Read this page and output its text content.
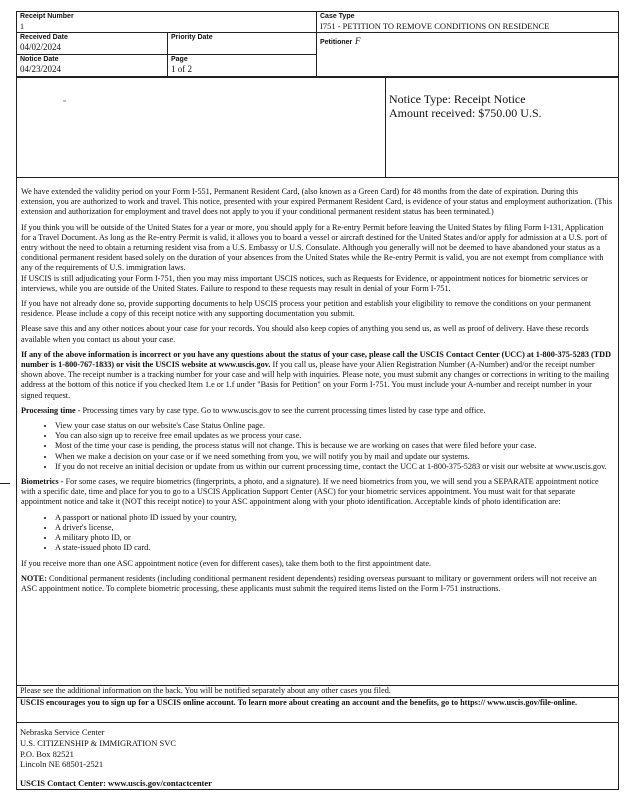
Receipt Number
1
Case Type
I751 - PETITION TO REMOVE CONDITIONS ON RESIDENCE
Received Date
04/02/2024
Priority Date
Petitioner F
Notice Date
04/23/2024
Page
1 of 2
Notice Type: Receipt Notice
Amount received: $750.00 U.S.

We have extended the validity period on your Form I-551, Permanent Resident Card, (also known as a Green Card) for 48 months from the date of expiration. During this extension, you are authorized to work and travel. This notice, presented with your expired Permanent Resident Card, is evidence of your status and employment authorization. (This extension and authorization for employment and travel does not apply to you if your conditional permanent resident status has been terminated.)

If you think you will be outside of the United States for a year or more, you should apply for a Re-entry Permit before leaving the United States by filing Form I-131, Application for a Travel Document. As long as the Re-entry Permit is valid, it allows you to board a vessel or aircraft destined for the United States and/or apply for admission at a U.S. port of entry without the need to obtain a returning resident visa from a U.S. Embassy or U.S. Consulate. Although you generally will not be deemed to have abandoned your status as a conditional permanent resident based solely on the duration of your absences from the United States while the Re-entry Permit is valid, you are not exempt from compliance with any of the requirements of U.S. immigration laws.

If USCIS is still adjudicating your Form I-751, then you may miss important USCIS notices, such as Requests for Evidence, or appointment notices for biometric services or interviews, while you are outside of the United States. Failure to respond to these requests may result in denial of your Form I-751.

If you have not already done so, provide supporting documents to help USCIS process your petition and establish your eligibility to remove the conditions on your permanent residence. Please include a copy of this receipt notice with any supporting documentation you submit.

Please save this and any other notices about your case for your records. You should also keep copies of anything you send us, as well as proof of delivery. Have these records available when you contact us about your case.

If any of the above information is incorrect or you have any questions about the status of your case, please call the USCIS Contact Center (UCC) at 1-800-375-5283 (TDD number is 1-800-767-1833) or visit the USCIS website at www.uscis.gov. If you call us, please have your Alien Registration Number (A-Number) and/or the receipt number shown above. The receipt number is a tracking number for your case and will help with inquiries. Please note, you must submit any changes or corrections in writing to the mailing address at the bottom of this notice if you checked Item 1.e or 1.f under "Basis for Petition" on your Form I-751. You must include your A-number and receipt number in your signed request.

Processing time - Processing times vary by case type. Go to www.uscis.gov to see the current processing times listed by case type and office.

• View your case status on our website's Case Status Online page.
• You can also sign up to receive free email updates as we process your case.
• Most of the time your case is pending, the process status will not change. This is because we are working on cases that were filed before your case.
• When we make a decision on your case or if we need something from you, we will notify you by mail and update our systems.
• If you do not receive an initial decision or update from us within our current processing time, contact the UCC at 1-800-375-5283 or visit our website at www.uscis.gov.

Biometrics - For some cases, we require biometrics (fingerprints, a photo, and a signature). If we need biometrics from you, we will send you a SEPARATE appointment notice with a specific date, time and place for you to go to a USCIS Application Support Center (ASC) for your biometric services appointment. You must wait for that separate appointment notice and take it (NOT this receipt notice) to your ASC appointment along with your photo identification. Acceptable kinds of photo identification are:

• A passport or national photo ID issued by your country,
• A driver's license,
• A military photo ID, or
• A state-issued photo ID card.

If you receive more than one ASC appointment notice (even for different cases), take them both to the first appointment date.

NOTE: Conditional permanent residents (including conditional permanent resident dependents) residing overseas pursuant to military or government orders will not receive an ASC appointment notice. To complete biometric processing, these applicants must submit the required items listed on the Form I-751 instructions.

Please see the additional information on the back. You will be notified separately about any other cases you filed.
USCIS encourages you to sign up for a USCIS online account. To learn more about creating an account and the benefits, go to https:// www.uscis.gov/file-online.
Nebraska Service Center
U.S. CITIZENSHIP & IMMIGRATION SVC
P.O. Box 82521
Lincoln NE 68501-2521
USCIS Contact Center: www.uscis.gov/contactcenter
